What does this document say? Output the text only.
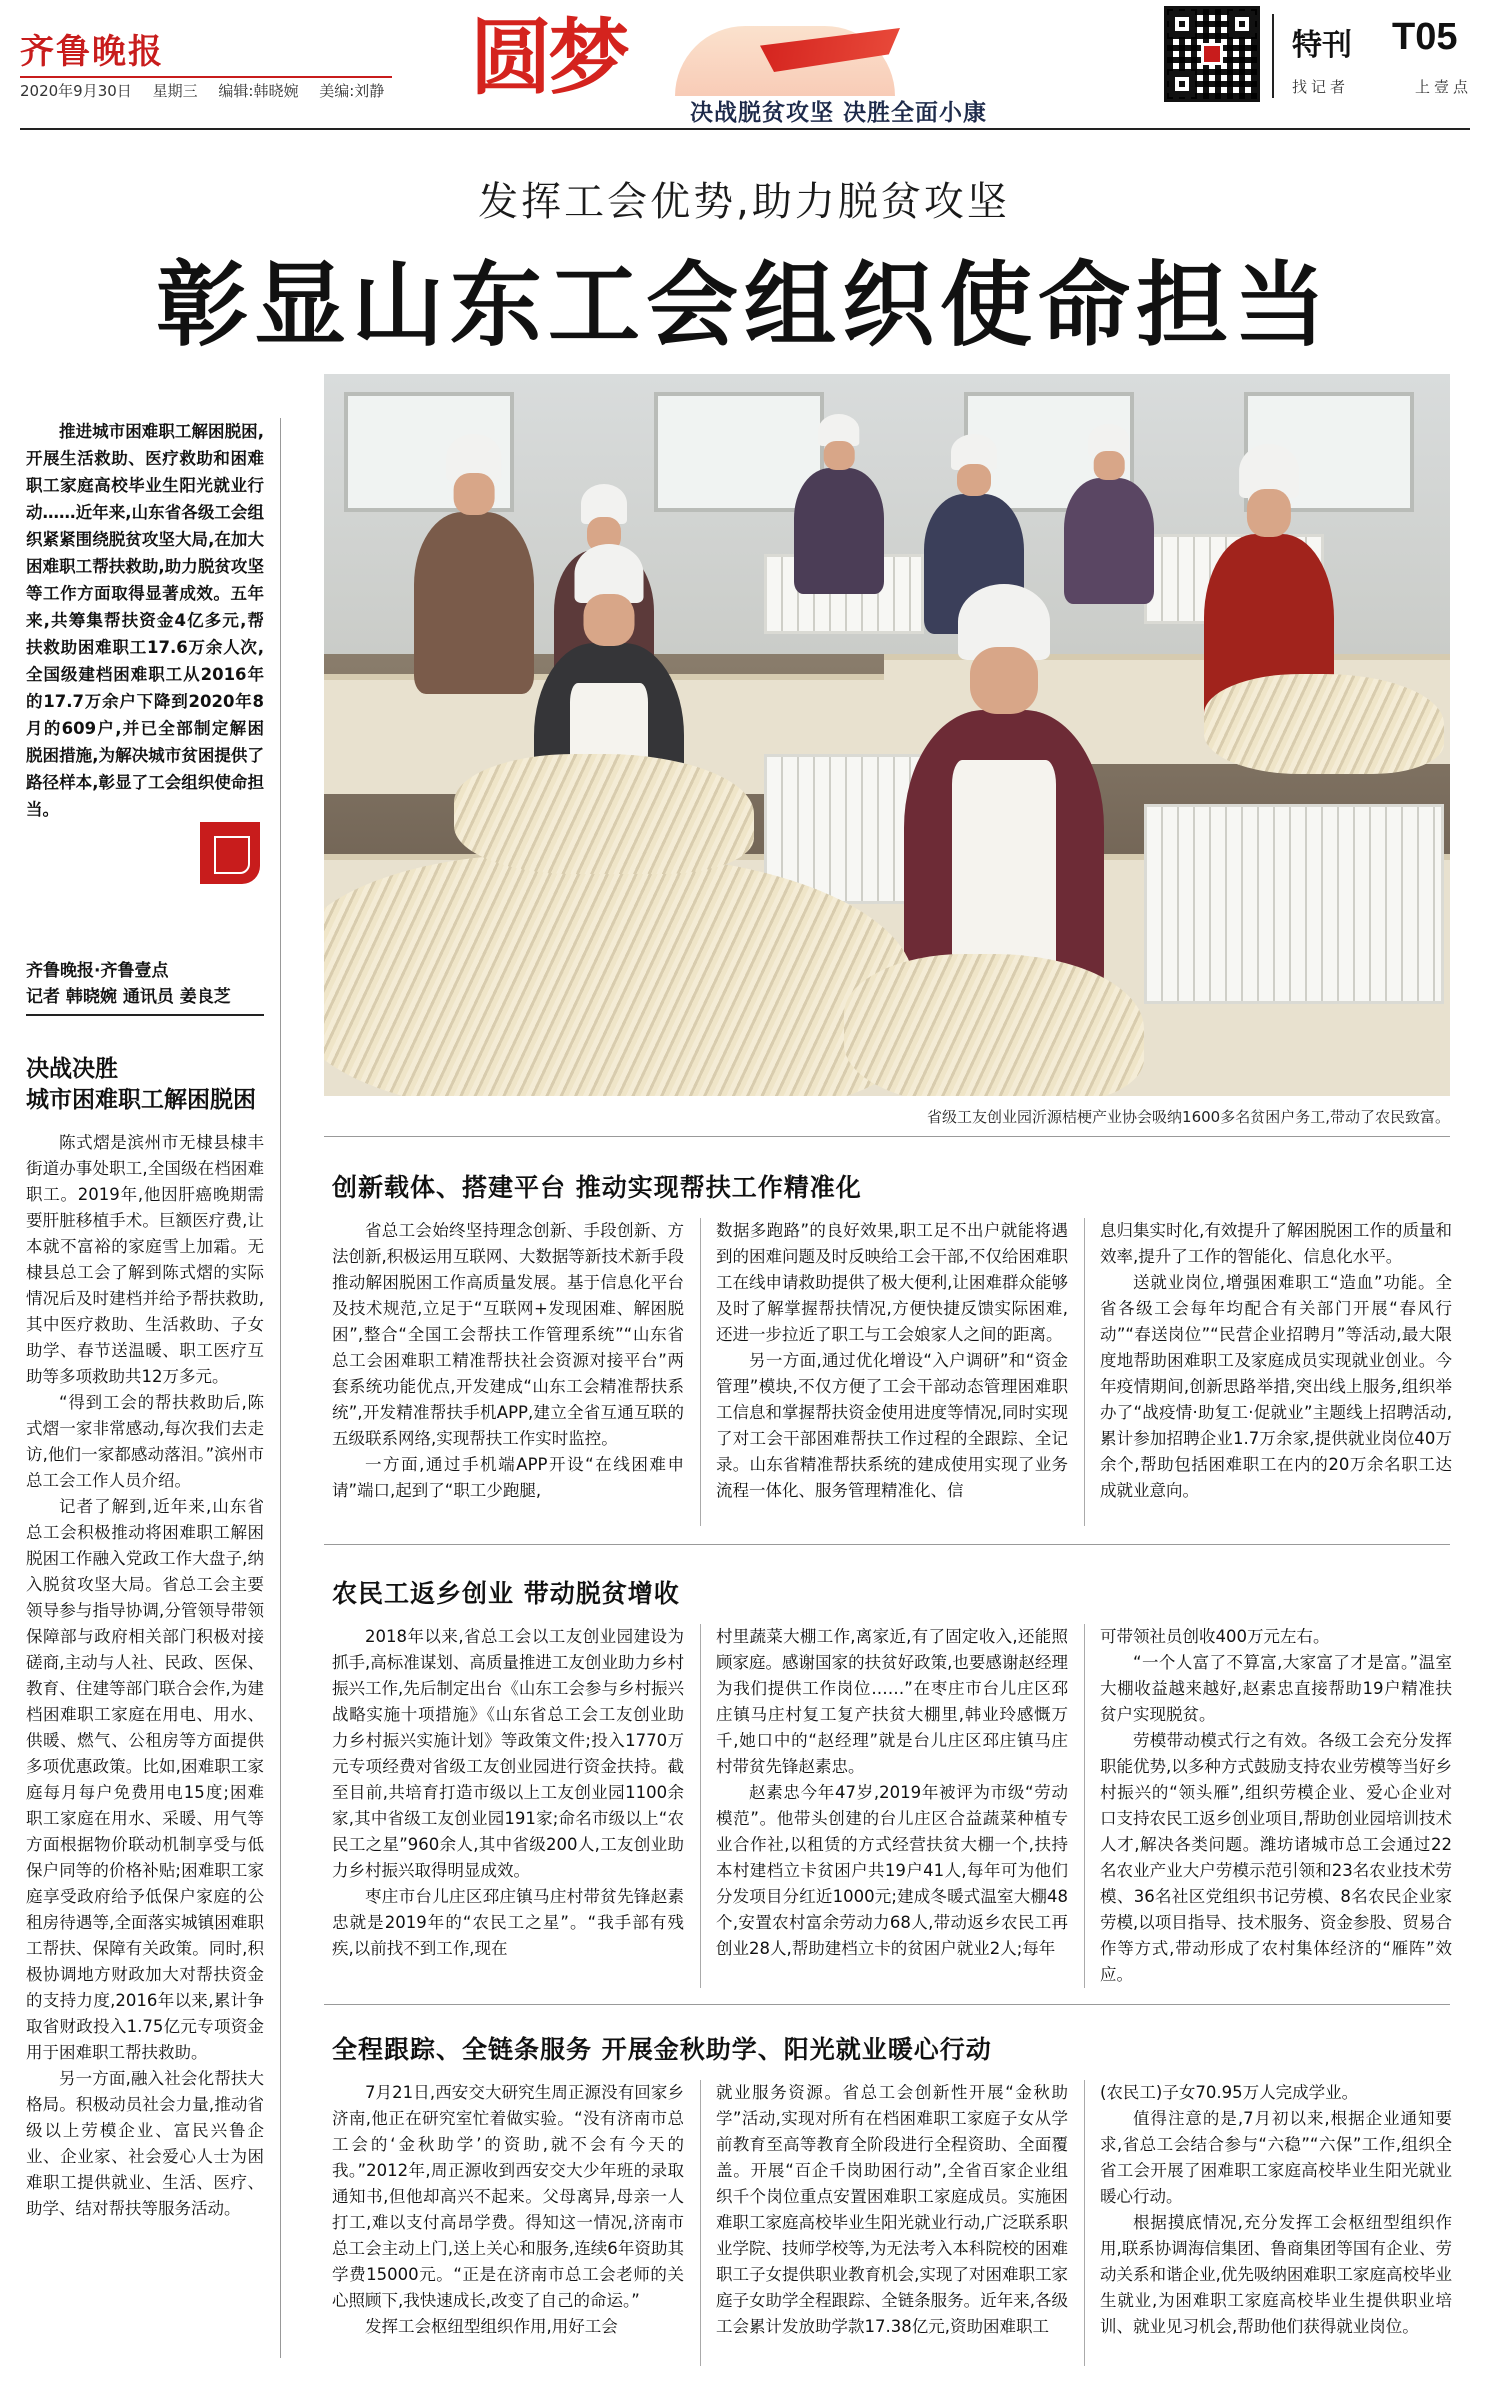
齐鲁晚报
2020年9月30日 星期三 编辑:韩晓婉 美编:刘静 圆梦
决战脱贫攻坚 决胜全面小康
特刊 T05
找记者	上壹点
发挥工会优势,助力脱贫攻坚
彰显山东工会组织使命担当

推进城市困难职工解困脱困,开展生活救助、医疗救助和困难职工家庭高校毕业生阳光就业行动……近年来,山东省各级工会组织紧紧围绕脱贫攻坚大局,在加大困难职工帮扶救助,助力脱贫攻坚等工作方面取得显著成效。五年来,共筹集帮扶资金4亿多元,帮扶救助困难职工17.6万余人次,全国级建档困难职工从2016年的17.7万余户下降到2020年8月的609户,并已全部制定解困脱困措施,为解决城市贫困提供了路径样本,彰显了工会组织使命担当。

齐鲁晚报·齐鲁壹点
记者 韩晓婉 通讯员 姜良芝
决战决胜
城市困难职工解困脱困

陈式熠是滨州市无棣县棣丰街道办事处职工,全国级在档困难职工。2019年,他因肝癌晚期需要肝脏移植手术。巨额医疗费,让本就不富裕的家庭雪上加霜。无棣县总工会了解到陈式熠的实际情况后及时建档并给予帮扶救助,其中医疗救助、生活救助、子女助学、春节送温暖、职工医疗互助等多项救助共12万多元。

“得到工会的帮扶救助后,陈式熠一家非常感动,每次我们去走访,他们一家都感动落泪。”滨州市总工会工作人员介绍。

记者了解到,近年来,山东省总工会积极推动将困难职工解困脱困工作融入党政工作大盘子,纳入脱贫攻坚大局。省总工会主要领导参与指导协调,分管领导带领保障部与政府相关部门积极对接磋商,主动与人社、民政、医保、教育、住建等部门联合会作,为建档困难职工家庭在用电、用水、供暖、燃气、公租房等方面提供多项优惠政策。比如,困难职工家庭每月每户免费用电15度;困难职工家庭在用水、采暖、用气等方面根据物价联动机制享受与低保户同等的价格补贴;困难职工家庭享受政府给予低保户家庭的公租房待遇等,全面落实城镇困难职工帮扶、保障有关政策。同时,积极协调地方财政加大对帮扶资金的支持力度,2016年以来,累计争取省财政投入1.75亿元专项资金用于困难职工帮扶救助。

另一方面,融入社会化帮扶大格局。积极动员社会力量,推动省级以上劳模企业、富民兴鲁企业、企业家、社会爱心人士为困难职工提供就业、生活、医疗、助学、结对帮扶等服务活动。

省级工友创业园沂源桔梗产业协会吸纳1600多名贫困户务工,带动了农民致富。
创新载体、搭建平台 推动实现帮扶工作精准化

省总工会始终坚持理念创新、手段创新、方法创新,积极运用互联网、大数据等新技术新手段推动解困脱困工作高质量发展。基于信息化平台及技术规范,立足于“互联网+发现困难、解困脱困”,整合“全国工会帮扶工作管理系统”“山东省总工会困难职工精准帮扶社会资源对接平台”两套系统功能优点,开发建成“山东工会精准帮扶系统”,开发精准帮扶手机APP,建立全省互通互联的五级联系网络,实现帮扶工作实时监控。

一方面,通过手机端APP开设“在线困难申请”端口,起到了“职工少跑腿,

数据多跑路”的良好效果,职工足不出户就能将遇到的困难问题及时反映给工会干部,不仅给困难职工在线申请救助提供了极大便利,让困难群众能够及时了解掌握帮扶情况,方便快捷反馈实际困难,还进一步拉近了职工与工会娘家人之间的距离。

另一方面,通过优化增设“入户调研”和“资金管理”模块,不仅方便了工会干部动态管理困难职工信息和掌握帮扶资金使用进度等情况,同时实现了对工会干部困难帮扶工作过程的全跟踪、全记录。山东省精准帮扶系统的建成使用实现了业务流程一体化、服务管理精准化、信

息归集实时化,有效提升了解困脱困工作的质量和效率,提升了工作的智能化、信息化水平。

送就业岗位,增强困难职工“造血”功能。全省各级工会每年均配合有关部门开展“春风行动”“春送岗位”“民营企业招聘月”等活动,最大限度地帮助困难职工及家庭成员实现就业创业。今年疫情期间,创新思路举措,突出线上服务,组织举办了“战疫情·助复工·促就业”主题线上招聘活动,累计参加招聘企业1.7万余家,提供就业岗位40万余个,帮助包括困难职工在内的20万余名职工达成就业意向。

农民工返乡创业 带动脱贫增收

2018年以来,省总工会以工友创业园建设为抓手,高标准谋划、高质量推进工友创业助力乡村振兴工作,先后制定出台《山东工会参与乡村振兴战略实施十项措施》《山东省总工会工友创业助力乡村振兴实施计划》等政策文件;投入1770万元专项经费对省级工友创业园进行资金扶持。截至目前,共培育打造市级以上工友创业园1100余家,其中省级工友创业园191家;命名市级以上“农民工之星”960余人,其中省级200人,工友创业助力乡村振兴取得明显成效。

枣庄市台儿庄区邳庄镇马庄村带贫先锋赵素忠就是2019年的“农民工之星”。“我手部有残疾,以前找不到工作,现在

村里蔬菜大棚工作,离家近,有了固定收入,还能照顾家庭。感谢国家的扶贫好政策,也要感谢赵经理为我们提供工作岗位……”在枣庄市台儿庄区邳庄镇马庄村复工复产扶贫大棚里,韩业玲感慨万千,她口中的“赵经理”就是台儿庄区邳庄镇马庄村带贫先锋赵素忠。

赵素忠今年47岁,2019年被评为市级“劳动模范”。他带头创建的台儿庄区合益蔬菜种植专业合作社,以租赁的方式经营扶贫大棚一个,扶持本村建档立卡贫困户共19户41人,每年可为他们分发项目分红近1000元;建成冬暖式温室大棚48个,安置农村富余劳动力68人,带动返乡农民工再创业28人,帮助建档立卡的贫困户就业2人;每年

可带领社员创收400万元左右。

“一个人富了不算富,大家富了才是富。”温室大棚收益越来越好,赵素忠直接帮助19户精准扶贫户实现脱贫。

劳模带动模式行之有效。各级工会充分发挥职能优势,以多种方式鼓励支持农业劳模等当好乡村振兴的“领头雁”,组织劳模企业、爱心企业对口支持农民工返乡创业项目,帮助创业园培训技术人才,解决各类问题。潍坊诸城市总工会通过22名农业产业大户劳模示范引领和23名农业技术劳模、36名社区党组织书记劳模、8名农民企业家劳模,以项目指导、技术服务、资金参股、贸易合作等方式,带动形成了农村集体经济的“雁阵”效应。

全程跟踪、全链条服务 开展金秋助学、阳光就业暖心行动

7月21日,西安交大研究生周正源没有回家乡济南,他正在研究室忙着做实验。“没有济南市总工会的‘金秋助学’的资助,就不会有今天的我。”2012年,周正源收到西安交大少年班的录取通知书,但他却高兴不起来。父母离异,母亲一人打工,难以支付高昂学费。得知这一情况,济南市总工会主动上门,送上关心和服务,连续6年资助其学费15000元。“正是在济南市总工会老师的关心照顾下,我快速成长,改变了自己的命运。”

发挥工会枢纽型组织作用,用好工会

就业服务资源。省总工会创新性开展“金秋助学”活动,实现对所有在档困难职工家庭子女从学前教育至高等教育全阶段进行全程资助、全面覆盖。开展“百企千岗助困行动”,全省百家企业组织千个岗位重点安置困难职工家庭成员。实施困难职工家庭高校毕业生阳光就业行动,广泛联系职业学院、技师学校等,为无法考入本科院校的困难职工子女提供职业教育机会,实现了对困难职工家庭子女助学全程跟踪、全链条服务。近年来,各级工会累计发放助学款17.38亿元,资助困难职工

(农民工)子女70.95万人完成学业。

值得注意的是,7月初以来,根据企业通知要求,省总工会结合参与“六稳”“六保”工作,组织全省工会开展了困难职工家庭高校毕业生阳光就业暖心行动。

根据摸底情况,充分发挥工会枢纽型组织作用,联系协调海信集团、鲁商集团等国有企业、劳动关系和谐企业,优先吸纳困难职工家庭高校毕业生就业,为困难职工家庭高校毕业生提供职业培训、就业见习机会,帮助他们获得就业岗位。
